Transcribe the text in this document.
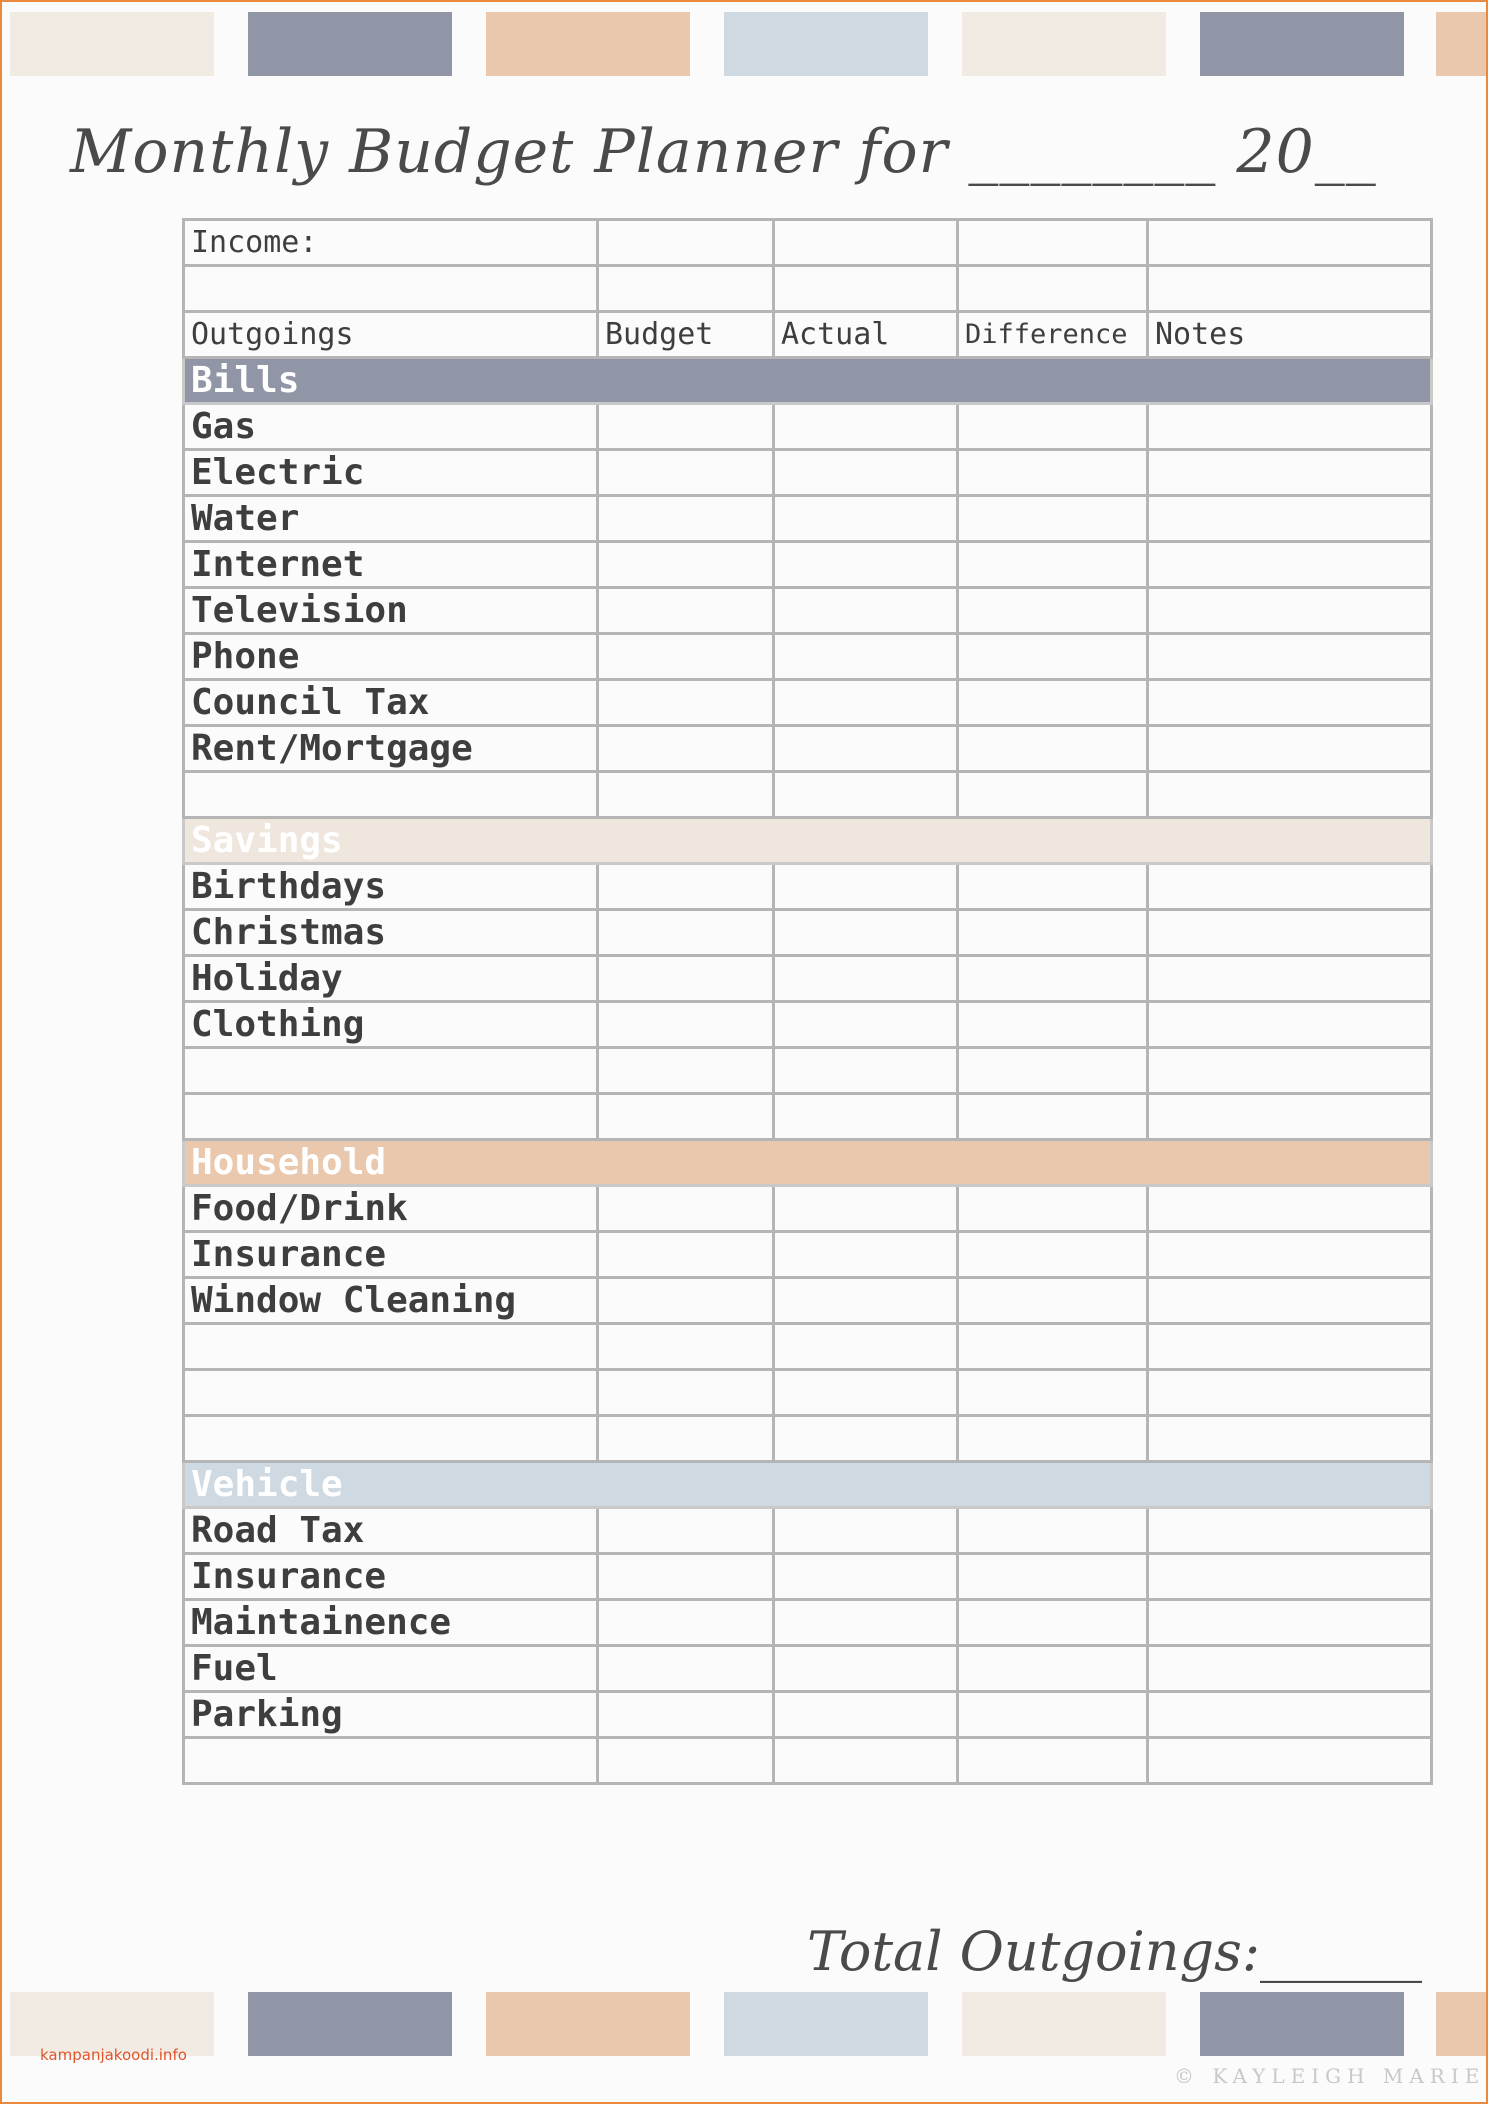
Monthly Budget Planner for ________ 20__
Income:				

Outgoings	Budget	Actual	Difference	Notes
Bills				
Gas				
Electric				
Water				
Internet				
Television				
Phone				
Council Tax				
Rent/Mortgage				

Savings				
Birthdays				
Christmas				
Holiday				
Clothing				

Household				
Food/Drink				
Insurance				
Window Cleaning				

Vehicle				
Road Tax				
Insurance				
Maintainence				
Fuel				
Parking				

Total Outgoings:______
kampanjakoodi.info
© KAYLEIGH MARIE
